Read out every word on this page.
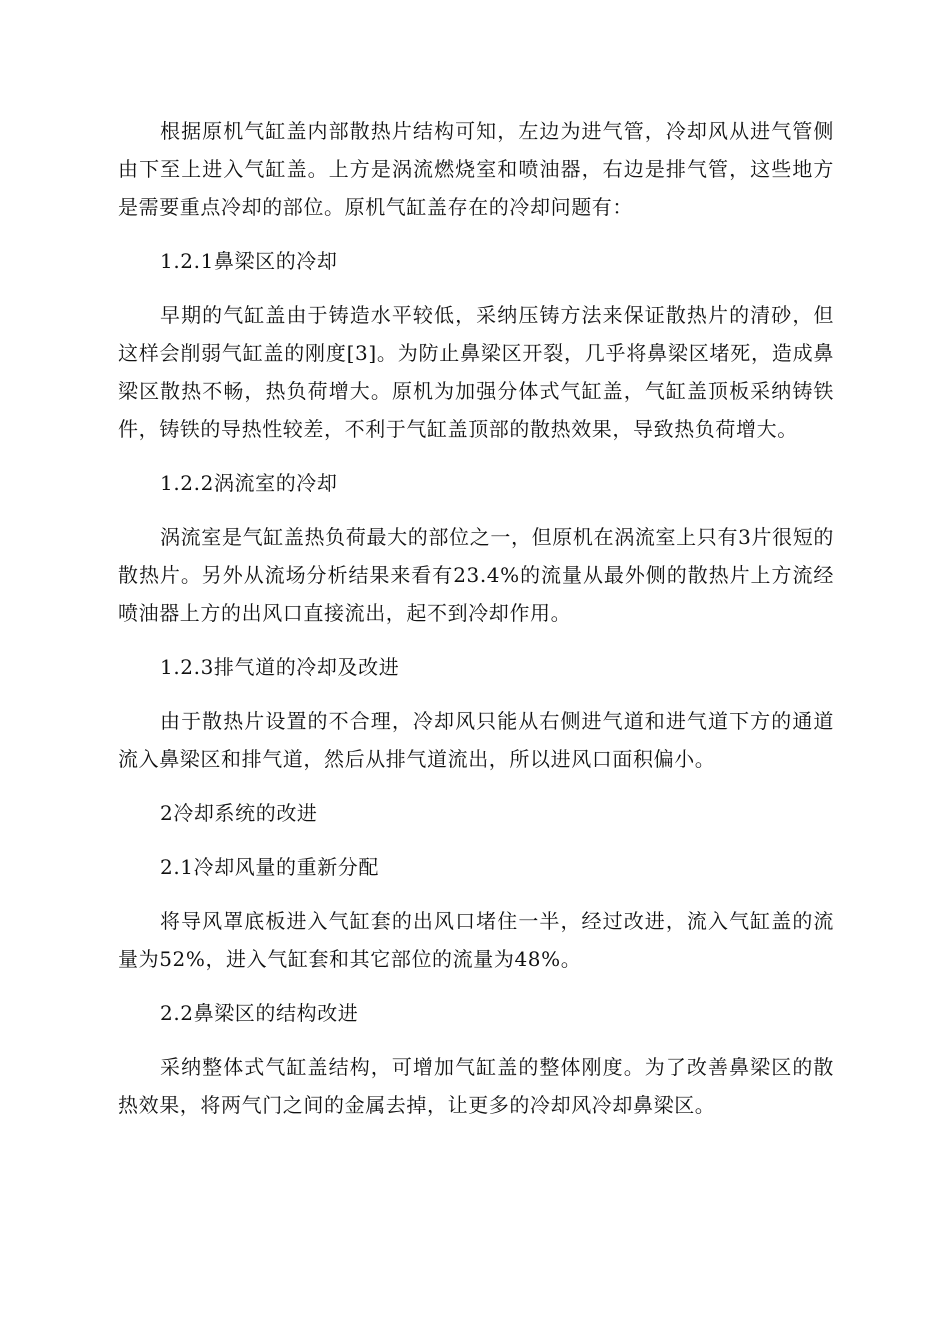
根据原机气缸盖内部散热片结构可知，左边为进气管，冷却风从进气管侧由下至上进入气缸盖。上方是涡流燃烧室和喷油器，右边是排气管，这些地方是需要重点冷却的部位。原机气缸盖存在的冷却问题有：

1.2.1鼻梁区的冷却

早期的气缸盖由于铸造水平较低，采纳压铸方法来保证散热片的清砂，但这样会削弱气缸盖的刚度[3]。为防止鼻梁区开裂，几乎将鼻梁区堵死，造成鼻梁区散热不畅，热负荷增大。原机为加强分体式气缸盖，气缸盖顶板采纳铸铁件，铸铁的导热性较差，不利于气缸盖顶部的散热效果，导致热负荷增大。

1.2.2涡流室的冷却

涡流室是气缸盖热负荷最大的部位之一，但原机在涡流室上只有3片很短的散热片。另外从流场分析结果来看有23.4%的流量从最外侧的散热片上方流经喷油器上方的出风口直接流出，起不到冷却作用。

1.2.3排气道的冷却及改进

由于散热片设置的不合理，冷却风只能从右侧进气道和进气道下方的通道流入鼻梁区和排气道，然后从排气道流出，所以进风口面积偏小。

2冷却系统的改进

2.1冷却风量的重新分配

将导风罩底板进入气缸套的出风口堵住一半，经过改进，流入气缸盖的流量为52%，进入气缸套和其它部位的流量为48%。

2.2鼻梁区的结构改进

采纳整体式气缸盖结构，可增加气缸盖的整体刚度。为了改善鼻梁区的散热效果，将两气门之间的金属去掉，让更多的冷却风冷却鼻梁区。
